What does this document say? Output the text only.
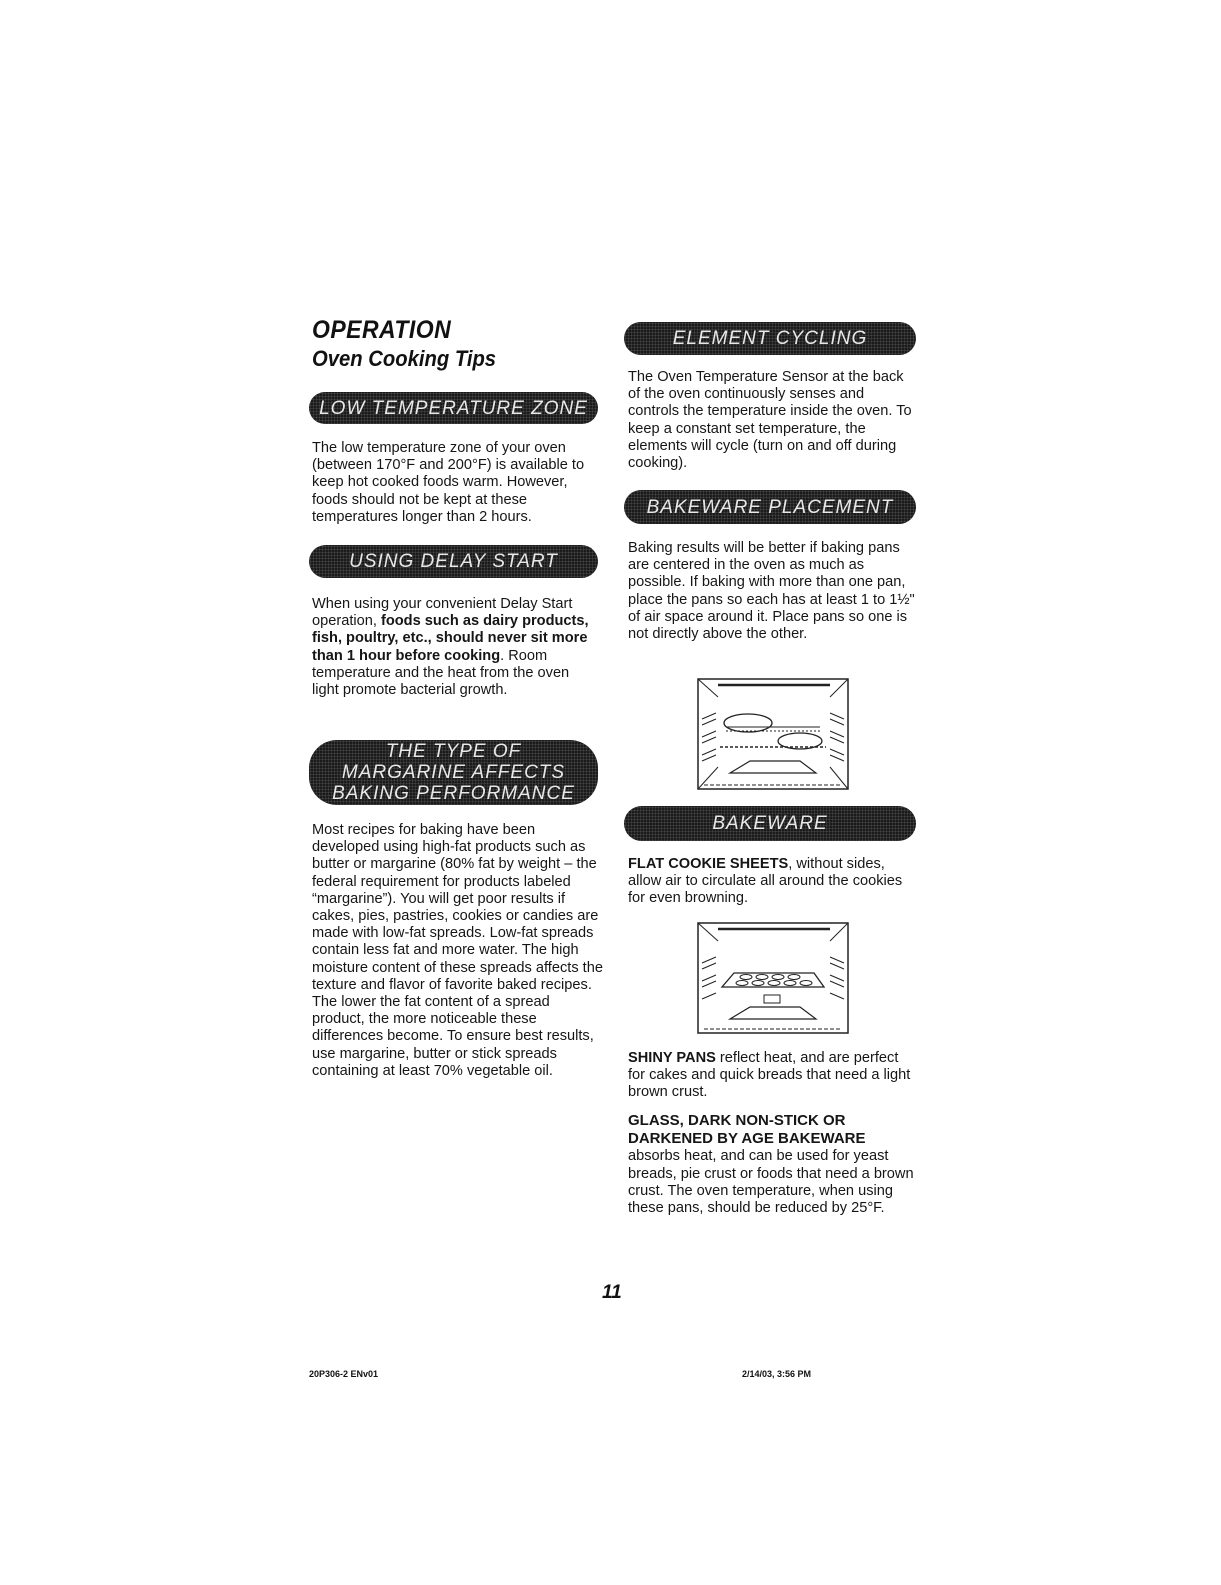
OPERATION
Oven Cooking Tips
LOW TEMPERATURE ZONE
The low temperature zone of your oven (between 170°F and 200°F) is available to keep hot cooked foods warm. However, foods should not be kept at these temperatures longer than 2 hours.
USING DELAY START
When using your convenient Delay Start operation, foods such as dairy products, fish, poultry, etc., should never sit more than 1 hour before cooking. Room temperature and the heat from the oven light promote bacterial growth.
THE TYPE OF
MARGARINE AFFECTS
BAKING PERFORMANCE
Most recipes for baking have been developed using high-fat products such as butter or margarine (80% fat by weight – the federal requirement for products labeled “margarine”). You will get poor results if cakes, pies, pastries, cookies or candies are made with low-fat spreads. Low-fat spreads contain less fat and more water. The high moisture content of these spreads affects the texture and flavor of favorite baked recipes. The lower the fat content of a spread product, the more noticeable these differences become. To ensure best results, use margarine, butter or stick spreads containing at least 70% vegetable oil.
ELEMENT CYCLING
The Oven Temperature Sensor at the back of the oven continuously senses and controls the temperature inside the oven. To keep a constant set temperature, the elements will cycle (turn on and off during cooking).
BAKEWARE PLACEMENT
Baking results will be better if baking pans are centered in the oven as much as possible. If baking with more than one pan, place the pans so each has at least 1 to 1½" of air space around it. Place pans so one is not directly above the other.
BAKEWARE
FLAT COOKIE SHEETS, without sides, allow air to circulate all around the cookies for even browning.
SHINY PANS reflect heat, and are perfect for cakes and quick breads that need a light brown crust.
GLASS, DARK NON-STICK OR DARKENED BY AGE BAKEWARE
absorbs heat, and can be used for yeast breads, pie crust or foods that need a brown crust. The oven temperature, when using these pans, should be reduced by 25°F.
11
20P306-2 ENv01	2/14/03, 3:56 PM
